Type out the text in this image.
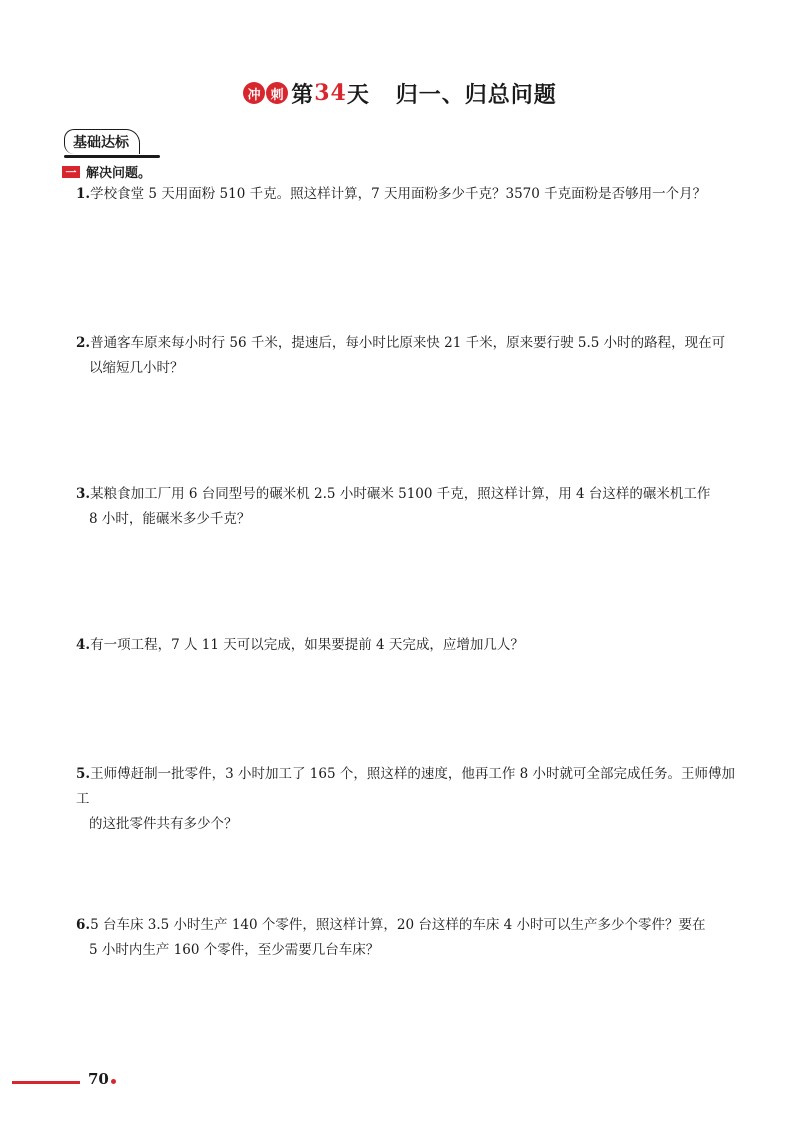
冲 刺 第 34 天   归一、归总问题
基础达标
一 解决问题。
1.学校食堂 5 天用面粉 510 千克。照这样计算，7 天用面粉多少千克？3570 千克面粉是否够用一个月？
2.普通客车原来每小时行 56 千米，提速后，每小时比原来快 21 千米，原来要行驶 5.5 小时的路程，现在可
以缩短几小时？
3.某粮食加工厂用 6 台同型号的碾米机 2.5 小时碾米 5100 千克，照这样计算，用 4 台这样的碾米机工作
8 小时，能碾米多少千克？
4.有一项工程，7 人 11 天可以完成，如果要提前 4 天完成，应增加几人？
5.王师傅赶制一批零件，3 小时加工了 165 个，照这样的速度，他再工作 8 小时就可全部完成任务。王师傅加工
的这批零件共有多少个？
6.5 台车床 3.5 小时生产 140 个零件，照这样计算，20 台这样的车床 4 小时可以生产多少个零件？要在
5 小时内生产 160 个零件，至少需要几台车床？
70
